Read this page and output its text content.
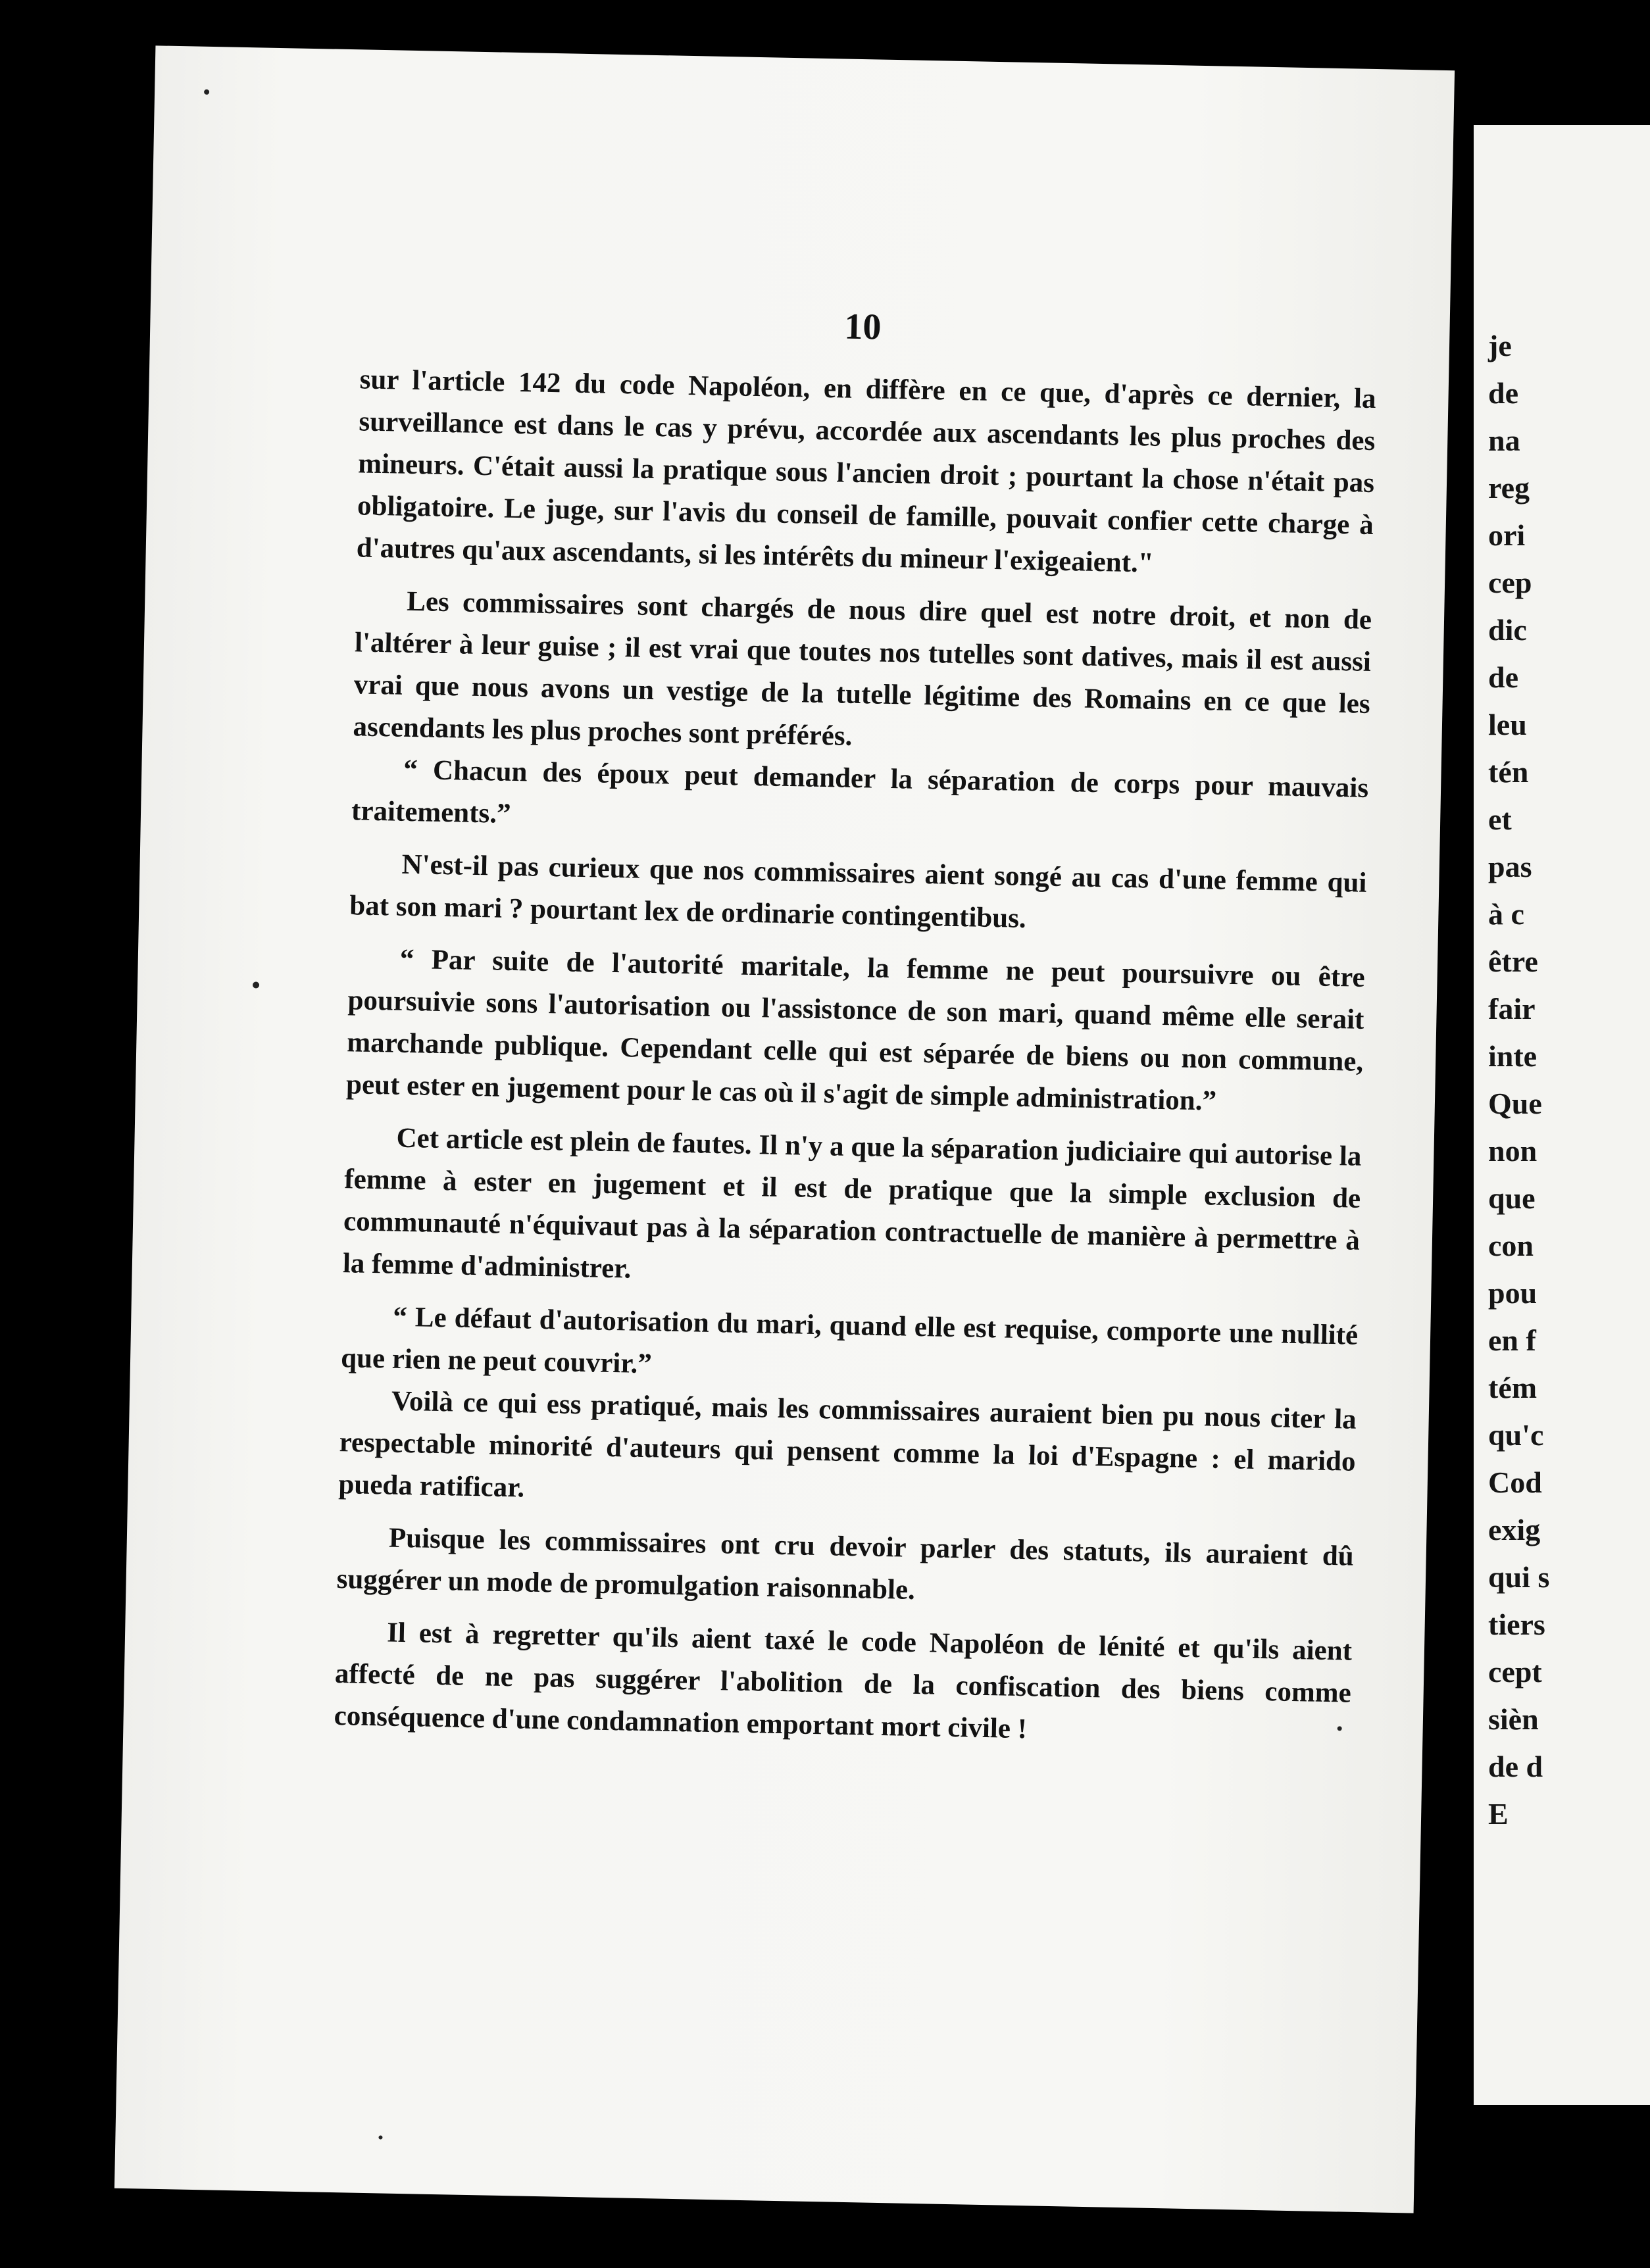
10

sur l'article 142 du code Napoléon, en diffère en ce que, d'après ce dernier, la surveillance est dans le cas y prévu, accordée aux ascendants les plus proches des mineurs. C'était aussi la pratique sous l'ancien droit ; pourtant la chose n'était pas obligatoire. Le juge, sur l'avis du conseil de famille, pouvait confier cette charge à d'autres qu'aux ascendants, si les intérêts du mineur l'exigeaient."

Les commissaires sont chargés de nous dire quel est notre droit, et non de l'altérer à leur guise ; il est vrai que toutes nos tutelles sont datives, mais il est aussi vrai que nous avons un vestige de la tutelle légitime des Romains en ce que les ascendants les plus proches sont préférés.

“ Chacun des époux peut demander la séparation de corps pour mauvais traitements.”

N'est-il pas curieux que nos commissaires aient songé au cas d'une femme qui bat son mari ? pourtant lex de ordinarie contingentibus.

“ Par suite de l'autorité maritale, la femme ne peut poursuivre ou être poursuivie sons l'autorisation ou l'assistonce de son mari, quand même elle serait marchande publique. Cependant celle qui est séparée de biens ou non commune, peut ester en jugement pour le cas où il s'agit de simple administration.”

Cet article est plein de fautes. Il n'y a que la séparation judiciaire qui autorise la femme à ester en jugement et il est de pratique que la simple exclusion de communauté n'équivaut pas à la séparation contractuelle de manière à permettre à la femme d'administrer.

“ Le défaut d'autorisation du mari, quand elle est requise, comporte une nullité que rien ne peut couvrir.”

Voilà ce qui ess pratiqué, mais les commissaires auraient bien pu nous citer la respectable minorité d'auteurs qui pensent comme la loi d'Espagne : el marido pueda ratificar.

Puisque les commissaires ont cru devoir parler des statuts, ils auraient dû suggérer un mode de promulgation raisonnable.

Il est à regretter qu'ils aient taxé le code Napoléon de lénité et qu'ils aient affecté de ne pas suggérer l'abolition de la confiscation des biens comme conséquence d'une condamnation emportant mort civile !

je
de
na
reg
ori
cep
dic
de
leu
tén
et
pas
à c
être
fair
inte
Que
non
que
con
pou
en f
tém
qu'c
Cod
exig
qui s
tiers
cept
sièn
de d
E
